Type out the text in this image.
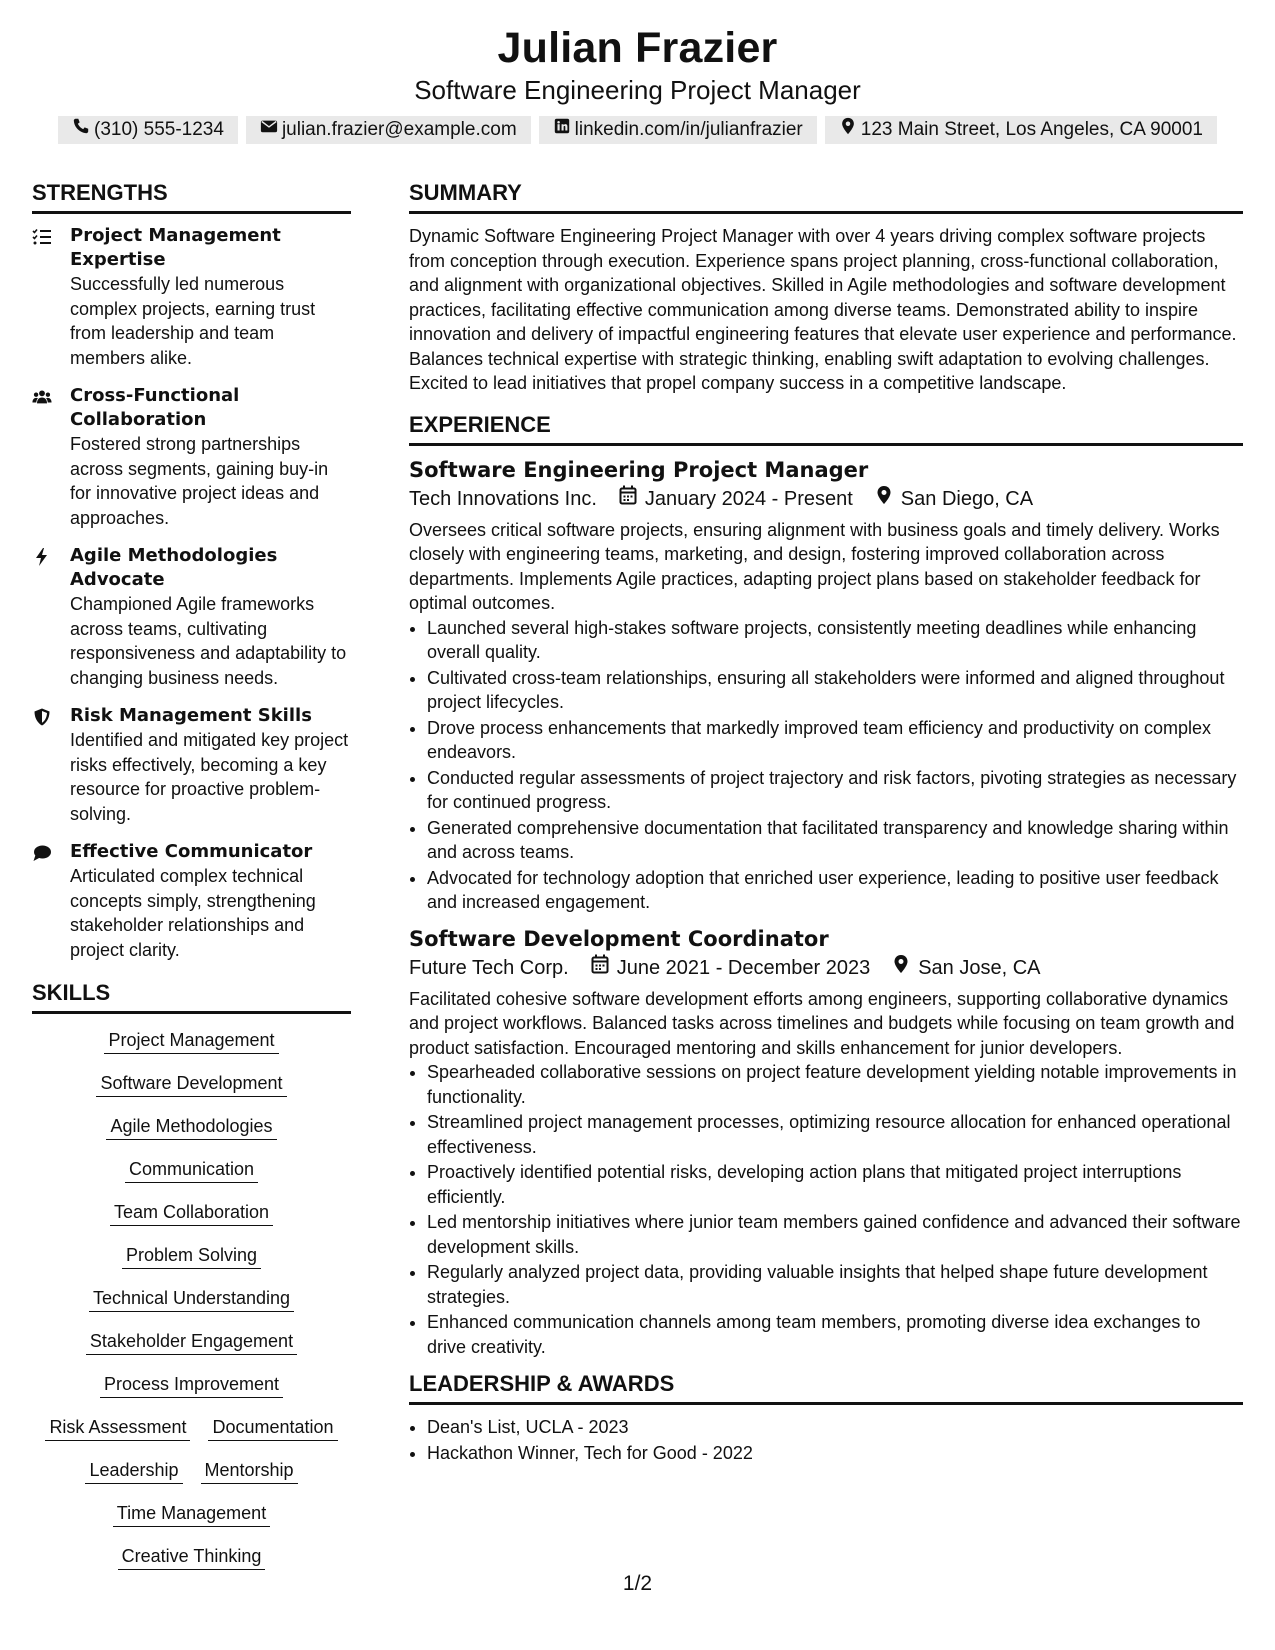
Julian Frazier
Software Engineering Project Manager
(310) 555-1234	julian.frazier@example.com	linkedin.com/in/julianfrazier	123 Main Street, Los Angeles, CA 90001
STRENGTHS
Project Management Expertise
Successfully led numerous complex projects, earning trust from leadership and team members alike.
Cross-Functional Collaboration
Fostered strong partnerships across segments, gaining buy-in for innovative project ideas and approaches.
Agile Methodologies Advocate
Championed Agile frameworks across teams, cultivating responsiveness and adaptability to changing business needs.
Risk Management Skills
Identified and mitigated key project risks effectively, becoming a key resource for proactive problem-solving.
Effective Communicator
Articulated complex technical concepts simply, strengthening stakeholder relationships and project clarity.
SKILLS
Project Management
Software Development
Agile Methodologies
Communication
Team Collaboration
Problem Solving
Technical Understanding
Stakeholder Engagement
Process Improvement
Risk Assessment Documentation
Leadership Mentorship
Time Management
Creative Thinking
SUMMARY
Dynamic Software Engineering Project Manager with over 4 years driving complex software projects from conception through execution. Experience spans project planning, cross-functional collaboration, and alignment with organizational objectives. Skilled in Agile methodologies and software development practices, facilitating effective communication among diverse teams. Demonstrated ability to inspire innovation and delivery of impactful engineering features that elevate user experience and performance. Balances technical expertise with strategic thinking, enabling swift adaptation to evolving challenges. Excited to lead initiatives that propel company success in a competitive landscape.
EXPERIENCE
Software Engineering Project Manager
Tech Innovations Inc. January 2024 - Present San Diego, CA
Oversees critical software projects, ensuring alignment with business goals and timely delivery. Works closely with engineering teams, marketing, and design, fostering improved collaboration across departments. Implements Agile practices, adapting project plans based on stakeholder feedback for optimal outcomes.
• Launched several high-stakes software projects, consistently meeting deadlines while enhancing overall quality.
• Cultivated cross-team relationships, ensuring all stakeholders were informed and aligned throughout project lifecycles.
• Drove process enhancements that markedly improved team efficiency and productivity on complex endeavors.
• Conducted regular assessments of project trajectory and risk factors, pivoting strategies as necessary for continued progress.
• Generated comprehensive documentation that facilitated transparency and knowledge sharing within and across teams.
• Advocated for technology adoption that enriched user experience, leading to positive user feedback and increased engagement.
Software Development Coordinator
Future Tech Corp. June 2021 - December 2023 San Jose, CA
Facilitated cohesive software development efforts among engineers, supporting collaborative dynamics and project workflows. Balanced tasks across timelines and budgets while focusing on team growth and product satisfaction. Encouraged mentoring and skills enhancement for junior developers.
• Spearheaded collaborative sessions on project feature development yielding notable improvements in functionality.
• Streamlined project management processes, optimizing resource allocation for enhanced operational effectiveness.
• Proactively identified potential risks, developing action plans that mitigated project interruptions efficiently.
• Led mentorship initiatives where junior team members gained confidence and advanced their software development skills.
• Regularly analyzed project data, providing valuable insights that helped shape future development strategies.
• Enhanced communication channels among team members, promoting diverse idea exchanges to drive creativity.
LEADERSHIP & AWARDS
• Dean's List, UCLA - 2023
• Hackathon Winner, Tech for Good - 2022
1/2
